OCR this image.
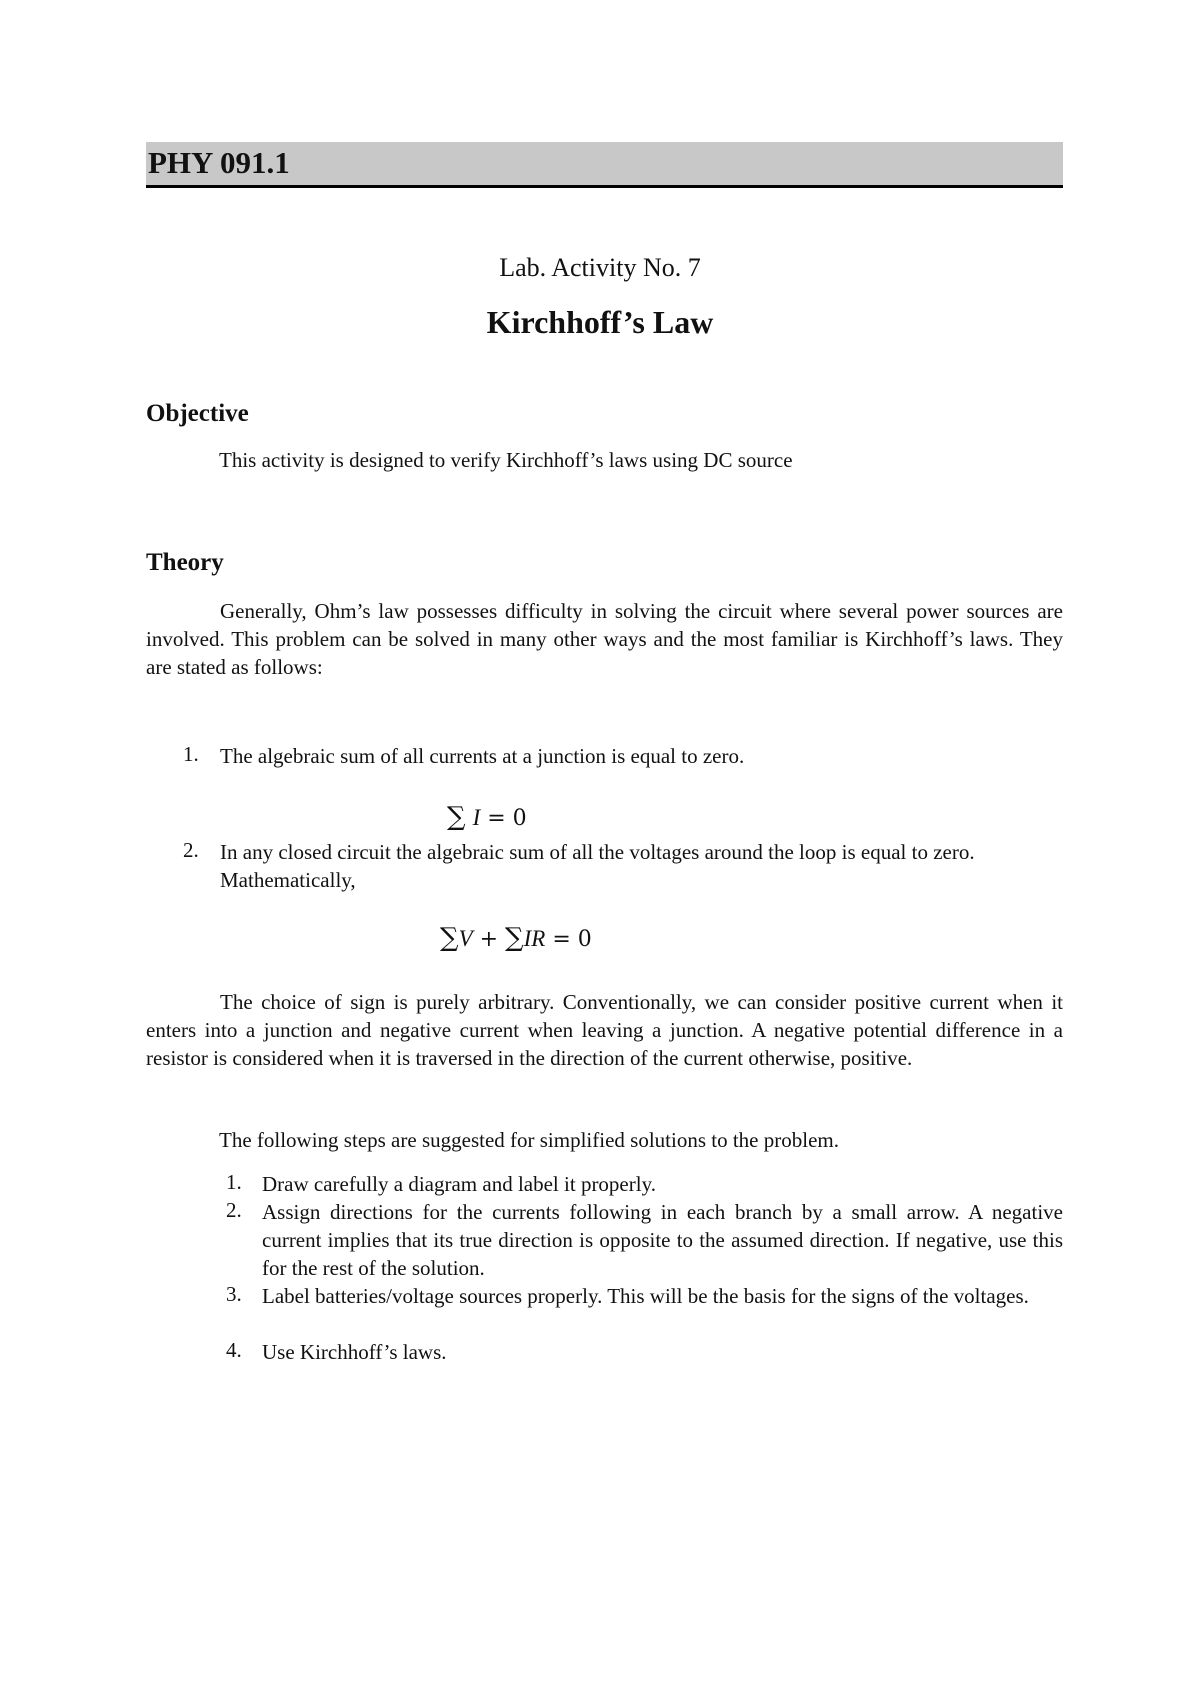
PHY 091.1
Lab. Activity No. 7
Kirchhoff’s Law
Objective
This activity is designed to verify Kirchhoff’s laws using DC source
Theory
Generally, Ohm’s law possesses difficulty in solving the circuit where several power sources are involved. This problem can be solved in many other ways and the most familiar is Kirchhoff’s laws. They are stated as follows:
1. The algebraic sum of all currents at a junction is equal to zero.
∑ I = 0
2. In any closed circuit the algebraic sum of all the voltages around the loop is equal to zero. Mathematically,
∑V + ∑IR = 0
The choice of sign is purely arbitrary. Conventionally, we can consider positive current when it enters into a junction and negative current when leaving a junction. A negative potential difference in a resistor is considered when it is traversed in the direction of the current otherwise, positive.
The following steps are suggested for simplified solutions to the problem.
1. Draw carefully a diagram and label it properly.
2. Assign directions for the currents following in each branch by a small arrow. A negative current implies that its true direction is opposite to the assumed direction. If negative, use this for the rest of the solution.
3. Label batteries/voltage sources properly. This will be the basis for the signs of the voltages.
4. Use Kirchhoff’s laws.
